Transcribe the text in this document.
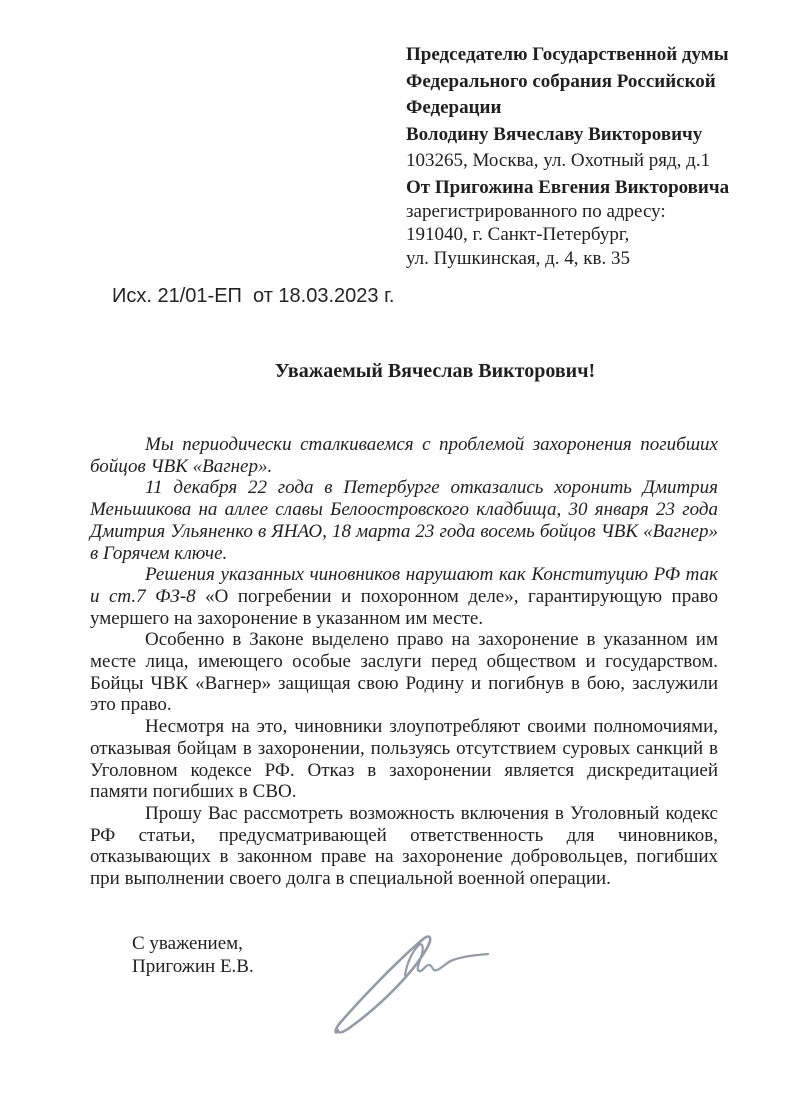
Председателю Государственной думы
Федерального собрания Российской
Федерации
Володину Вячеславу Викторовичу
103265, Москва, ул. Охотный ряд, д.1
От Пригожина Евгения Викторовича
зарегистрированного по адресу:
191040, г. Санкт-Петербург,
ул. Пушкинская, д. 4, кв. 35
Исх. 21/01-ЕП  от 18.03.2023 г.
Уважаемый Вячеслав Викторович!

Мы периодически сталкиваемся с проблемой захоронения погибших бойцов ЧВК «Вагнер».

11 декабря 22 года в Петербурге отказались хоронить Дмитрия Меньшикова на аллее славы Белоостровского кладбища, 30 января 23 года Дмитрия Ульяненко в ЯНАО, 18 марта 23 года восемь бойцов ЧВК «Вагнер» в Горячем ключе.

Решения указанных чиновников нарушают как Конституцию РФ так и ст.7 ФЗ-8 «О погребении и похоронном деле», гарантирующую право умершего на захоронение в указанном им месте.

Особенно в Законе выделено право на захоронение в указанном им месте лица, имеющего особые заслуги перед обществом и государством. Бойцы ЧВК «Вагнер» защищая свою Родину и погибнув в бою, заслужили это право.

Несмотря на это, чиновники злоупотребляют своими полномочиями, отказывая бойцам в захоронении, пользуясь отсутствием суровых санкций в Уголовном кодексе РФ. Отказ в захоронении является дискредитацией памяти погибших в СВО.

Прошу Вас рассмотреть возможность включения в Уголовный кодекс РФ статьи, предусматривающей ответственность для чиновников, отказывающих в законном праве на захоронение добровольцев, погибших при выполнении своего долга в специальной военной операции.

С уважением,
Пригожин Е.В.
